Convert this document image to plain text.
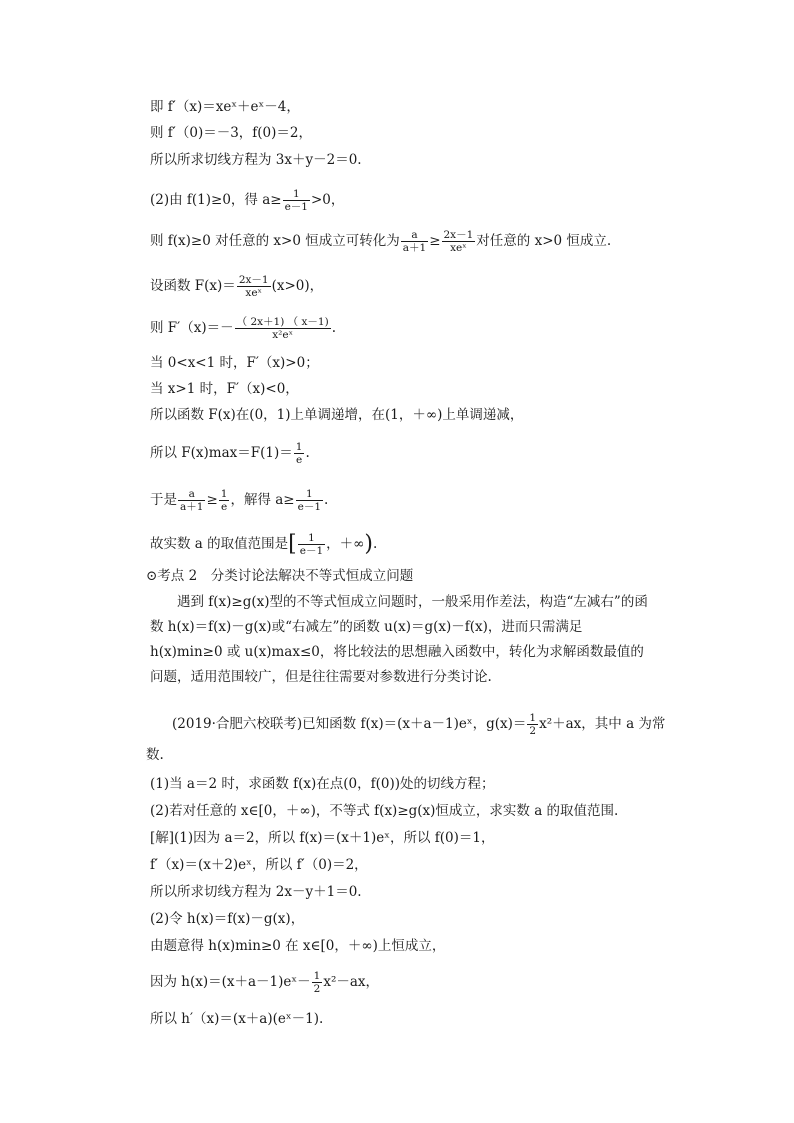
即 f′（x)＝xeˣ＋eˣ－4，
则 f′（0)＝－3，f(0)＝2，
所以所求切线方程为 3x＋y－2＝0.
(2)由 f(1)≥0，得 $a\ge \frac{1}{e-1} >0$，
则 f(x)≥0 对任意的 x>0 恒成立可转化为 $\frac{a}{a+1} \ge \frac{2x-1}{\text{xeˣ}}$ 对任意的 x>0 恒成立.
设函数 $F(x)= \frac{2x-1}{\text{xeˣ}} (x>0)$，
则 $F'(x)=- \frac{( 2x+1) ( x-1)}{\text{x²eˣ}}$ .
当 0<x<1 时，F′（x)>0；
当 x>1 时，F′（x)<0，
所以函数 F(x)在(0，1)上单调递增，在(1，＋∞)上单调递减，
所以 $F(x)\max=F(1)= \frac{1}{e}$ .
于是 $\frac{a}{a+1} \ge \frac{1}{e}$ ，解得 $a\ge \frac{1}{e-1}$ .
故实数 a 的取值范围是[ $\frac{1}{e-1}$ ，＋∞).
⊙考点 2　分类讨论法解决不等式恒成立问题
遇到 f(x)≥g(x)型的不等式恒成立问题时，一般采用作差法，构造“左减右”的函数 h(x)＝f(x)－g(x)或“右减左”的函数 u(x)＝g(x)－f(x)，进而只需满足 h(x)min≥0 或 u(x)max≤0，将比较法的思想融入函数中，转化为求解函数最值的问题，适用范围较广，但是往往需要对参数进行分类讨论.
(2019·合肥六校联考)已知函数 f(x)＝(x＋a－1)eˣ，$g(x)= \frac{1}{2} x^2+ax$，其中 a 为常
数.
(1)当 a＝2 时，求函数 f(x)在点(0，f(0))处的切线方程；
(2)若对任意的 x∈[0，＋∞)，不等式 f(x)≥g(x)恒成立，求实数 a 的取值范围.
[解](1)因为 a＝2，所以 f(x)＝(x＋1)eˣ，所以 f(0)＝1，
f′（x)＝(x＋2)eˣ，所以 f′（0)＝2，
所以所求切线方程为 2x－y＋1＝0.
(2)令 h(x)＝f(x)－g(x)，
由题意得 h(x)min≥0 在 x∈[0，＋∞)上恒成立，
因为 h(x)＝(x＋a－1)eˣ－ $\frac{1}{2} x^2-ax$，
所以 h′（x)＝(x＋a)(eˣ－1).
